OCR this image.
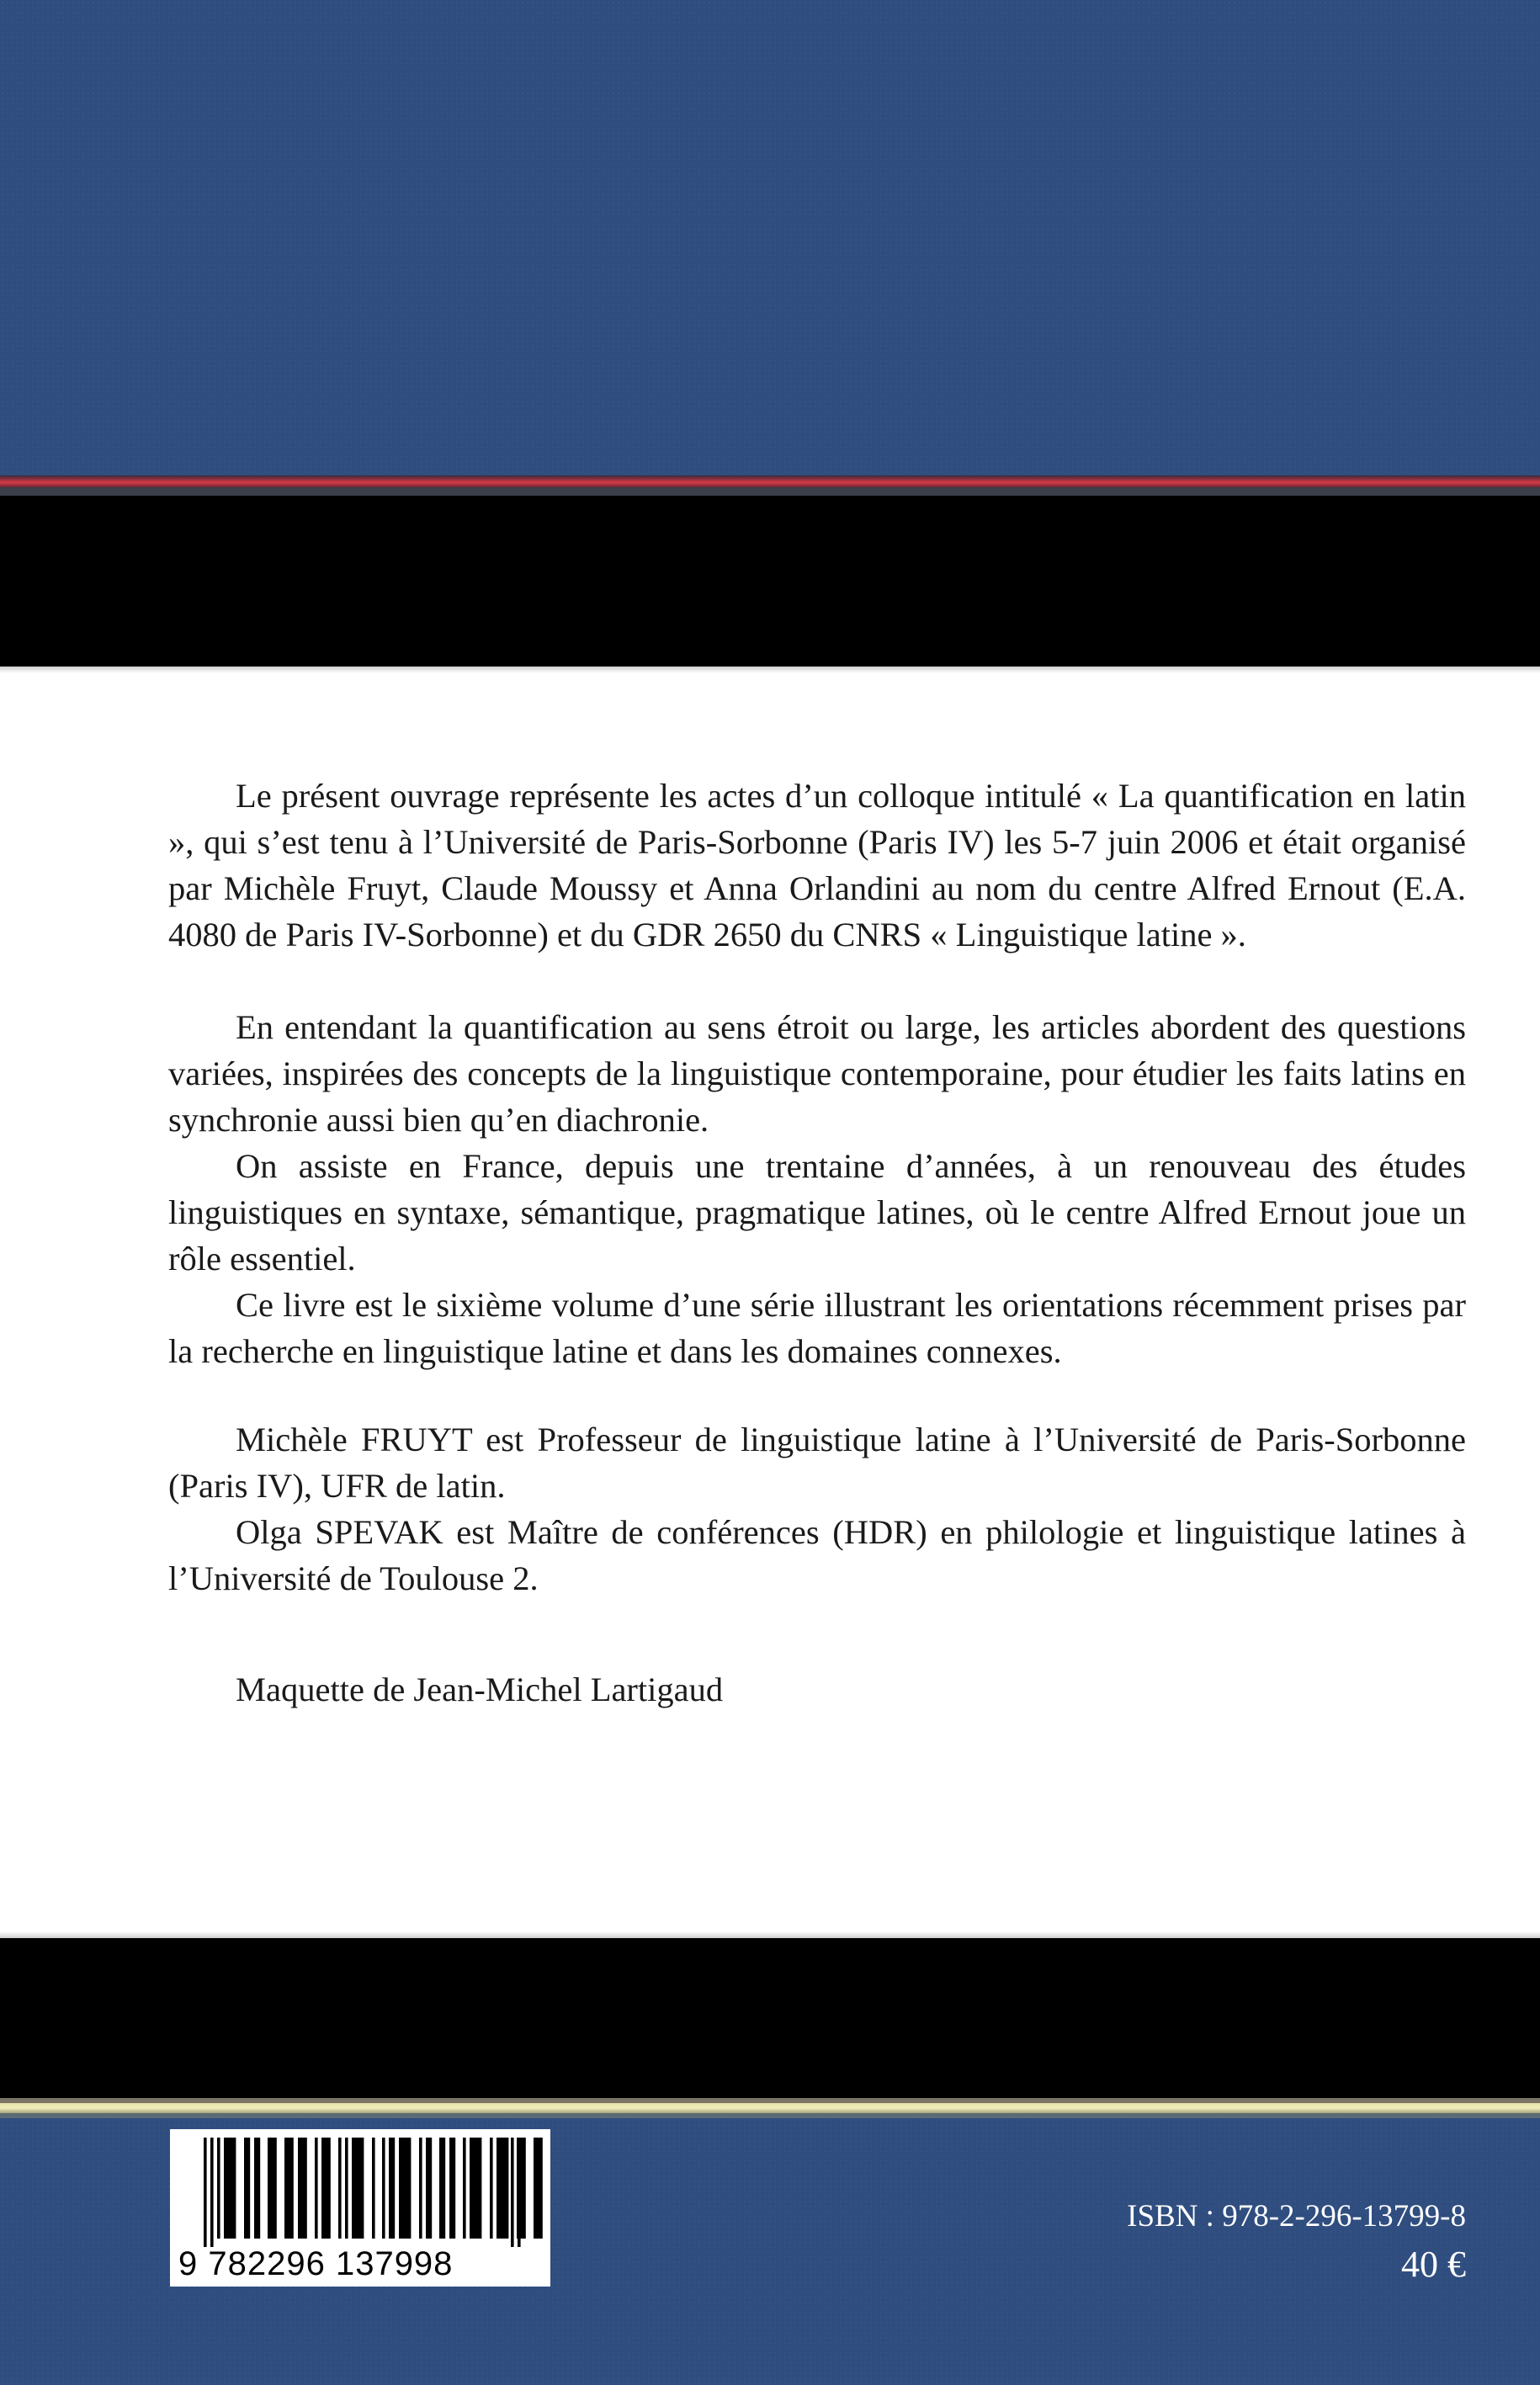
Le présent ouvrage représente les actes d’un colloque intitulé « La quantification en latin », qui s’est tenu à l’Université de Paris-Sorbonne (Paris IV) les 5-7 juin 2006 et était organisé par Michèle Fruyt, Claude Moussy et Anna Orlandini au nom du centre Alfred Ernout (E.A. 4080 de Paris IV-Sorbonne) et du GDR 2650 du CNRS « Linguistique latine ».

En entendant la quantification au sens étroit ou large, les articles abordent des questions variées, inspirées des concepts de la linguistique contemporaine, pour étudier les faits latins en synchronie aussi bien qu’en diachronie.

On assiste en France, depuis une trentaine d’années, à un renouveau des études linguistiques en syntaxe, sémantique, pragmatique latines, où le centre Alfred Ernout joue un rôle essentiel.

Ce livre est le sixième volume d’une série illustrant les orientations récemment prises par la recherche en linguistique latine et dans les domaines connexes.

Michèle FRUYT est Professeur de linguistique latine à l’Université de Paris-Sorbonne (Paris IV), UFR de latin.

Olga SPEVAK est Maître de conférences (HDR) en philologie et linguistique latines à l’Université de Toulouse 2.

Maquette de Jean-Michel Lartigaud

9 782296 137998
ISBN : 978-2-296-13799-8
40 €
